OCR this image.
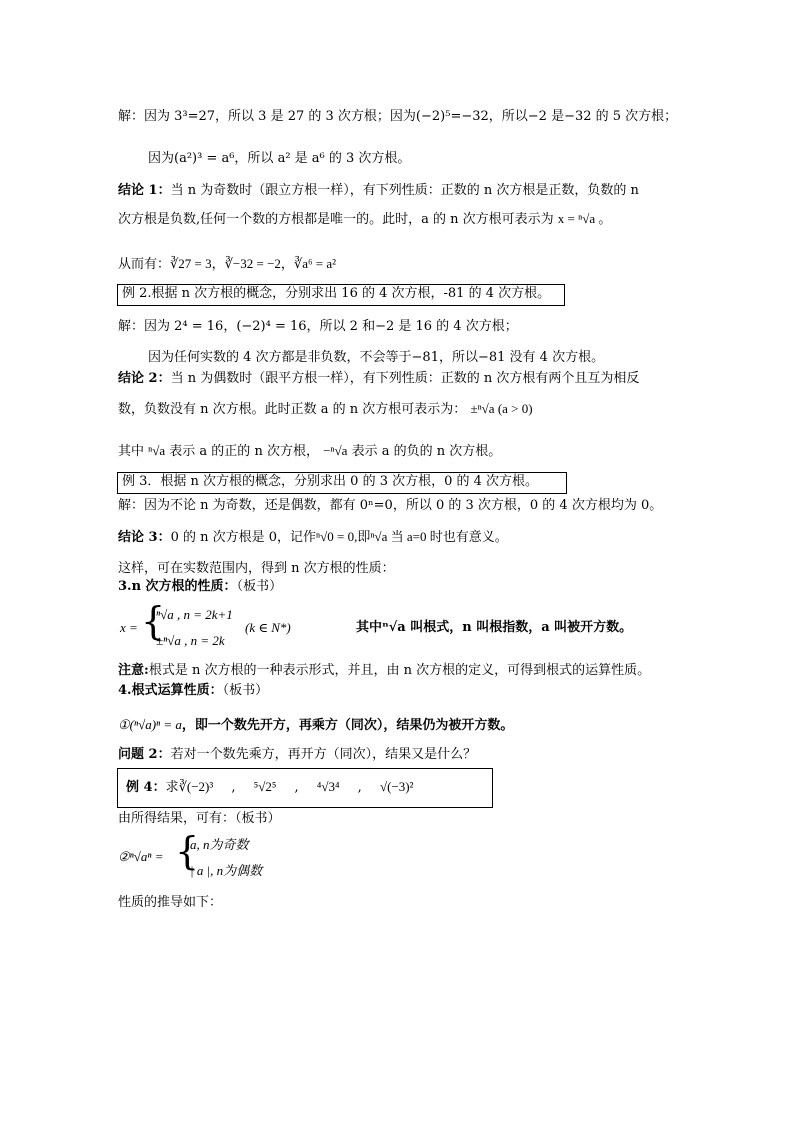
解：因为 3³=27，所以 3 是 27 的 3 次方根；因为(−2)⁵=−32，所以−2 是−32 的 5 次方根；
因为(a²)³ = a⁶，所以 a² 是 a⁶ 的 3 次方根。
结论 1：当 n 为奇数时（跟立方根一样），有下列性质：正数的 n 次方根是正数，负数的 n
次方根是负数,任何一个数的方根都是唯一的。此时，a 的 n 次方根可表示为 x = ⁿ√a 。
从而有：∛27 = 3，∛−32 = −2，∛a⁶ = a²
例 2.根据 n 次方根的概念，分别求出 16 的 4 次方根，-81 的 4 次方根。
解：因为 2⁴ = 16，(−2)⁴ = 16，所以 2 和−2 是 16 的 4 次方根；
因为任何实数的 4 次方都是非负数，不会等于−81，所以−81 没有 4 次方根。
结论 2：当 n 为偶数时（跟平方根一样），有下列性质：正数的 n 次方根有两个且互为相反
数，负数没有 n 次方根。此时正数 a 的 n 次方根可表示为： ±ⁿ√a (a > 0)
其中 ⁿ√a 表示 a 的正的 n 次方根， −ⁿ√a 表示 a 的负的 n 次方根。
例 3．根据 n 次方根的概念，分别求出 0 的 3 次方根，0 的 4 次方根。
解：因为不论 n 为奇数，还是偶数，都有 0ⁿ=0，所以 0 的 3 次方根，0 的 4 次方根均为 0。
结论 3：0 的 n 次方根是 0，记作ⁿ√0 = 0,即ⁿ√a 当 a=0 时也有意义。
这样，可在实数范围内，得到 n 次方根的性质：
3.n 次方根的性质：（板书）
x = {
ⁿ√a , n = 2k+1
±ⁿ√a , n = 2k
(k ∈ N*)	其中ⁿ√a 叫根式，n 叫根指数，a 叫被开方数。
注意:根式是 n 次方根的一种表示形式，并且，由 n 次方根的定义，可得到根式的运算性质。
4.根式运算性质：（板书）
①(ⁿ√a)ⁿ = a，即一个数先开方，再乘方（同次），结果仍为被开方数。
问题 2：若对一个数先乘方，再开方（同次），结果又是什么？
例 4：求∛(−2)³ , ⁵√2⁵ , ⁴√3⁴ , √(−3)²
由所得结果，可有：（板书）
②ⁿ√aⁿ = {
a, n为奇数
| a |, n为偶数
性质的推导如下：
